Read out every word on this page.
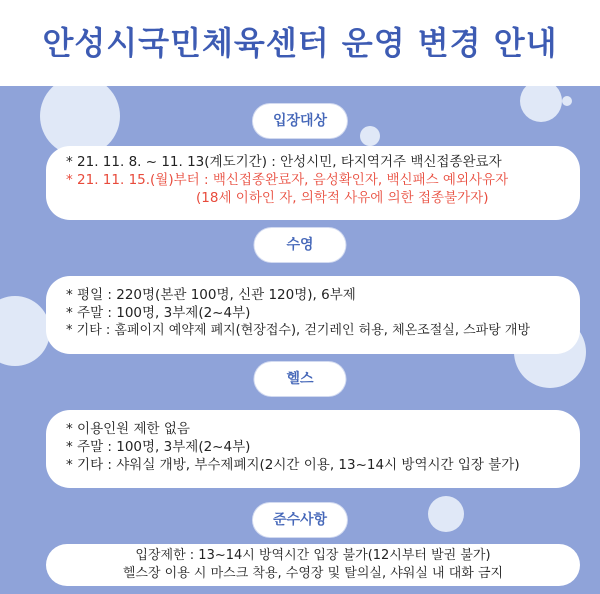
안성시국민체육센터 운영 변경 안내
입장대상
* 21. 11. 8. ~ 11. 13(계도기간) : 안성시민, 타지역거주 백신접종완료자
* 21. 11. 15.(월)부터 : 백신접종완료자, 음성확인자, 백신패스 예외사유자
(18세 이하인 자, 의학적 사유에 의한 접종불가자)
수영
* 평일 : 220명(본관 100명, 신관 120명), 6부제
* 주말 : 100명, 3부제(2~4부)
* 기타 : 홈페이지 예약제 폐지(현장접수), 걷기레인 허용, 체온조절실, 스파탕 개방
헬스
* 이용인원 제한 없음
* 주말 : 100명, 3부제(2~4부)
* 기타 : 샤워실 개방, 부수제폐지(2시간 이용, 13~14시 방역시간 입장 불가)
준수사항
입장제한 : 13~14시 방역시간 입장 불가(12시부터 발권 불가)
헬스장 이용 시 마스크 착용, 수영장 및 탈의실, 샤워실 내 대화 금지
